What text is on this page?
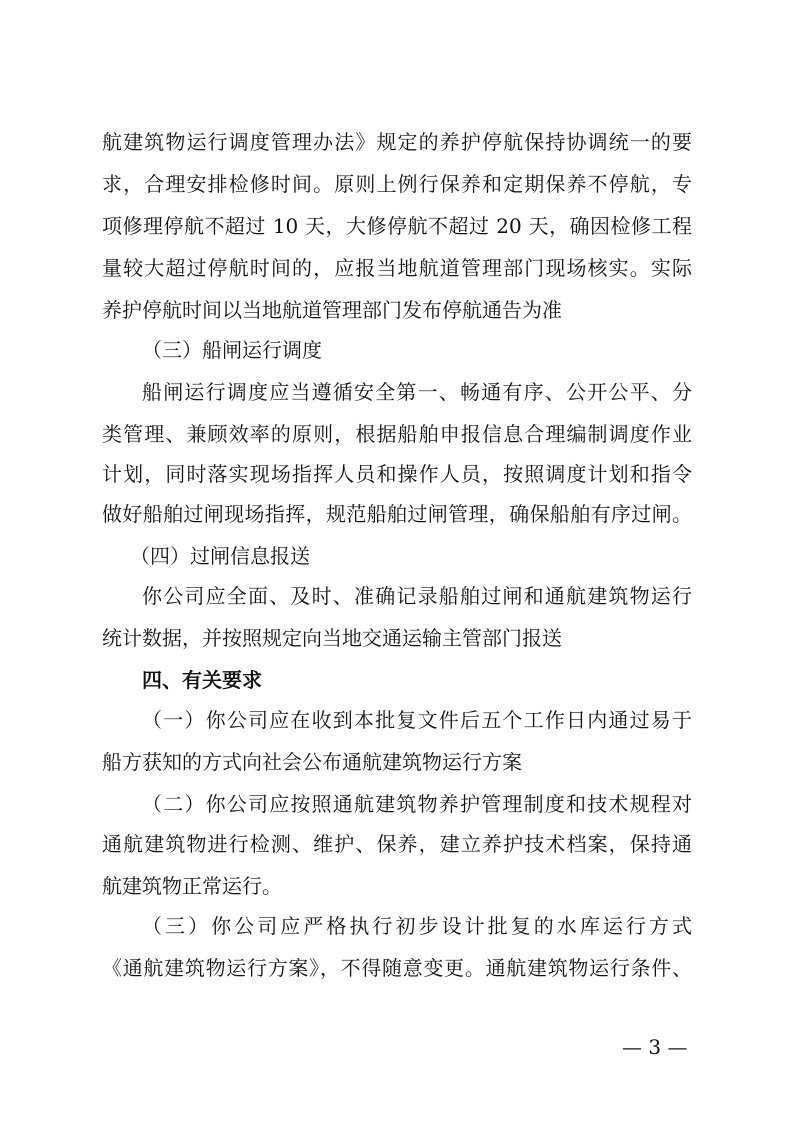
航建筑物运行调度管理办法》规定的养护停航保持协调统一的要
求，合理安排检修时间。原则上例行保养和定期保养不停航，专
项修理停航不超过 10 天，大修停航不超过 20 天，确因检修工程
量较大超过停航时间的，应报当地航道管理部门现场核实。实际
养护停航时间以当地航道管理部门发布停航通告为准
（三）船闸运行调度
船闸运行调度应当遵循安全第一、畅通有序、公开公平、分
类管理、兼顾效率的原则，根据船舶申报信息合理编制调度作业
计划，同时落实现场指挥人员和操作人员，按照调度计划和指令
做好船舶过闸现场指挥，规范船舶过闸管理，确保船舶有序过闸。
（四）过闸信息报送
你公司应全面、及时、准确记录船舶过闸和通航建筑物运行
统计数据，并按照规定向当地交通运输主管部门报送
四、有关要求
（一）你公司应在收到本批复文件后五个工作日内通过易于
船方获知的方式向社会公布通航建筑物运行方案
（二）你公司应按照通航建筑物养护管理制度和技术规程对
通航建筑物进行检测、维护、保养，建立养护技术档案，保持通
航建筑物正常运行。
（三）你公司应严格执行初步设计批复的水库运行方式
《通航建筑物运行方案》，不得随意变更。通航建筑物运行条件、
— 3 —
